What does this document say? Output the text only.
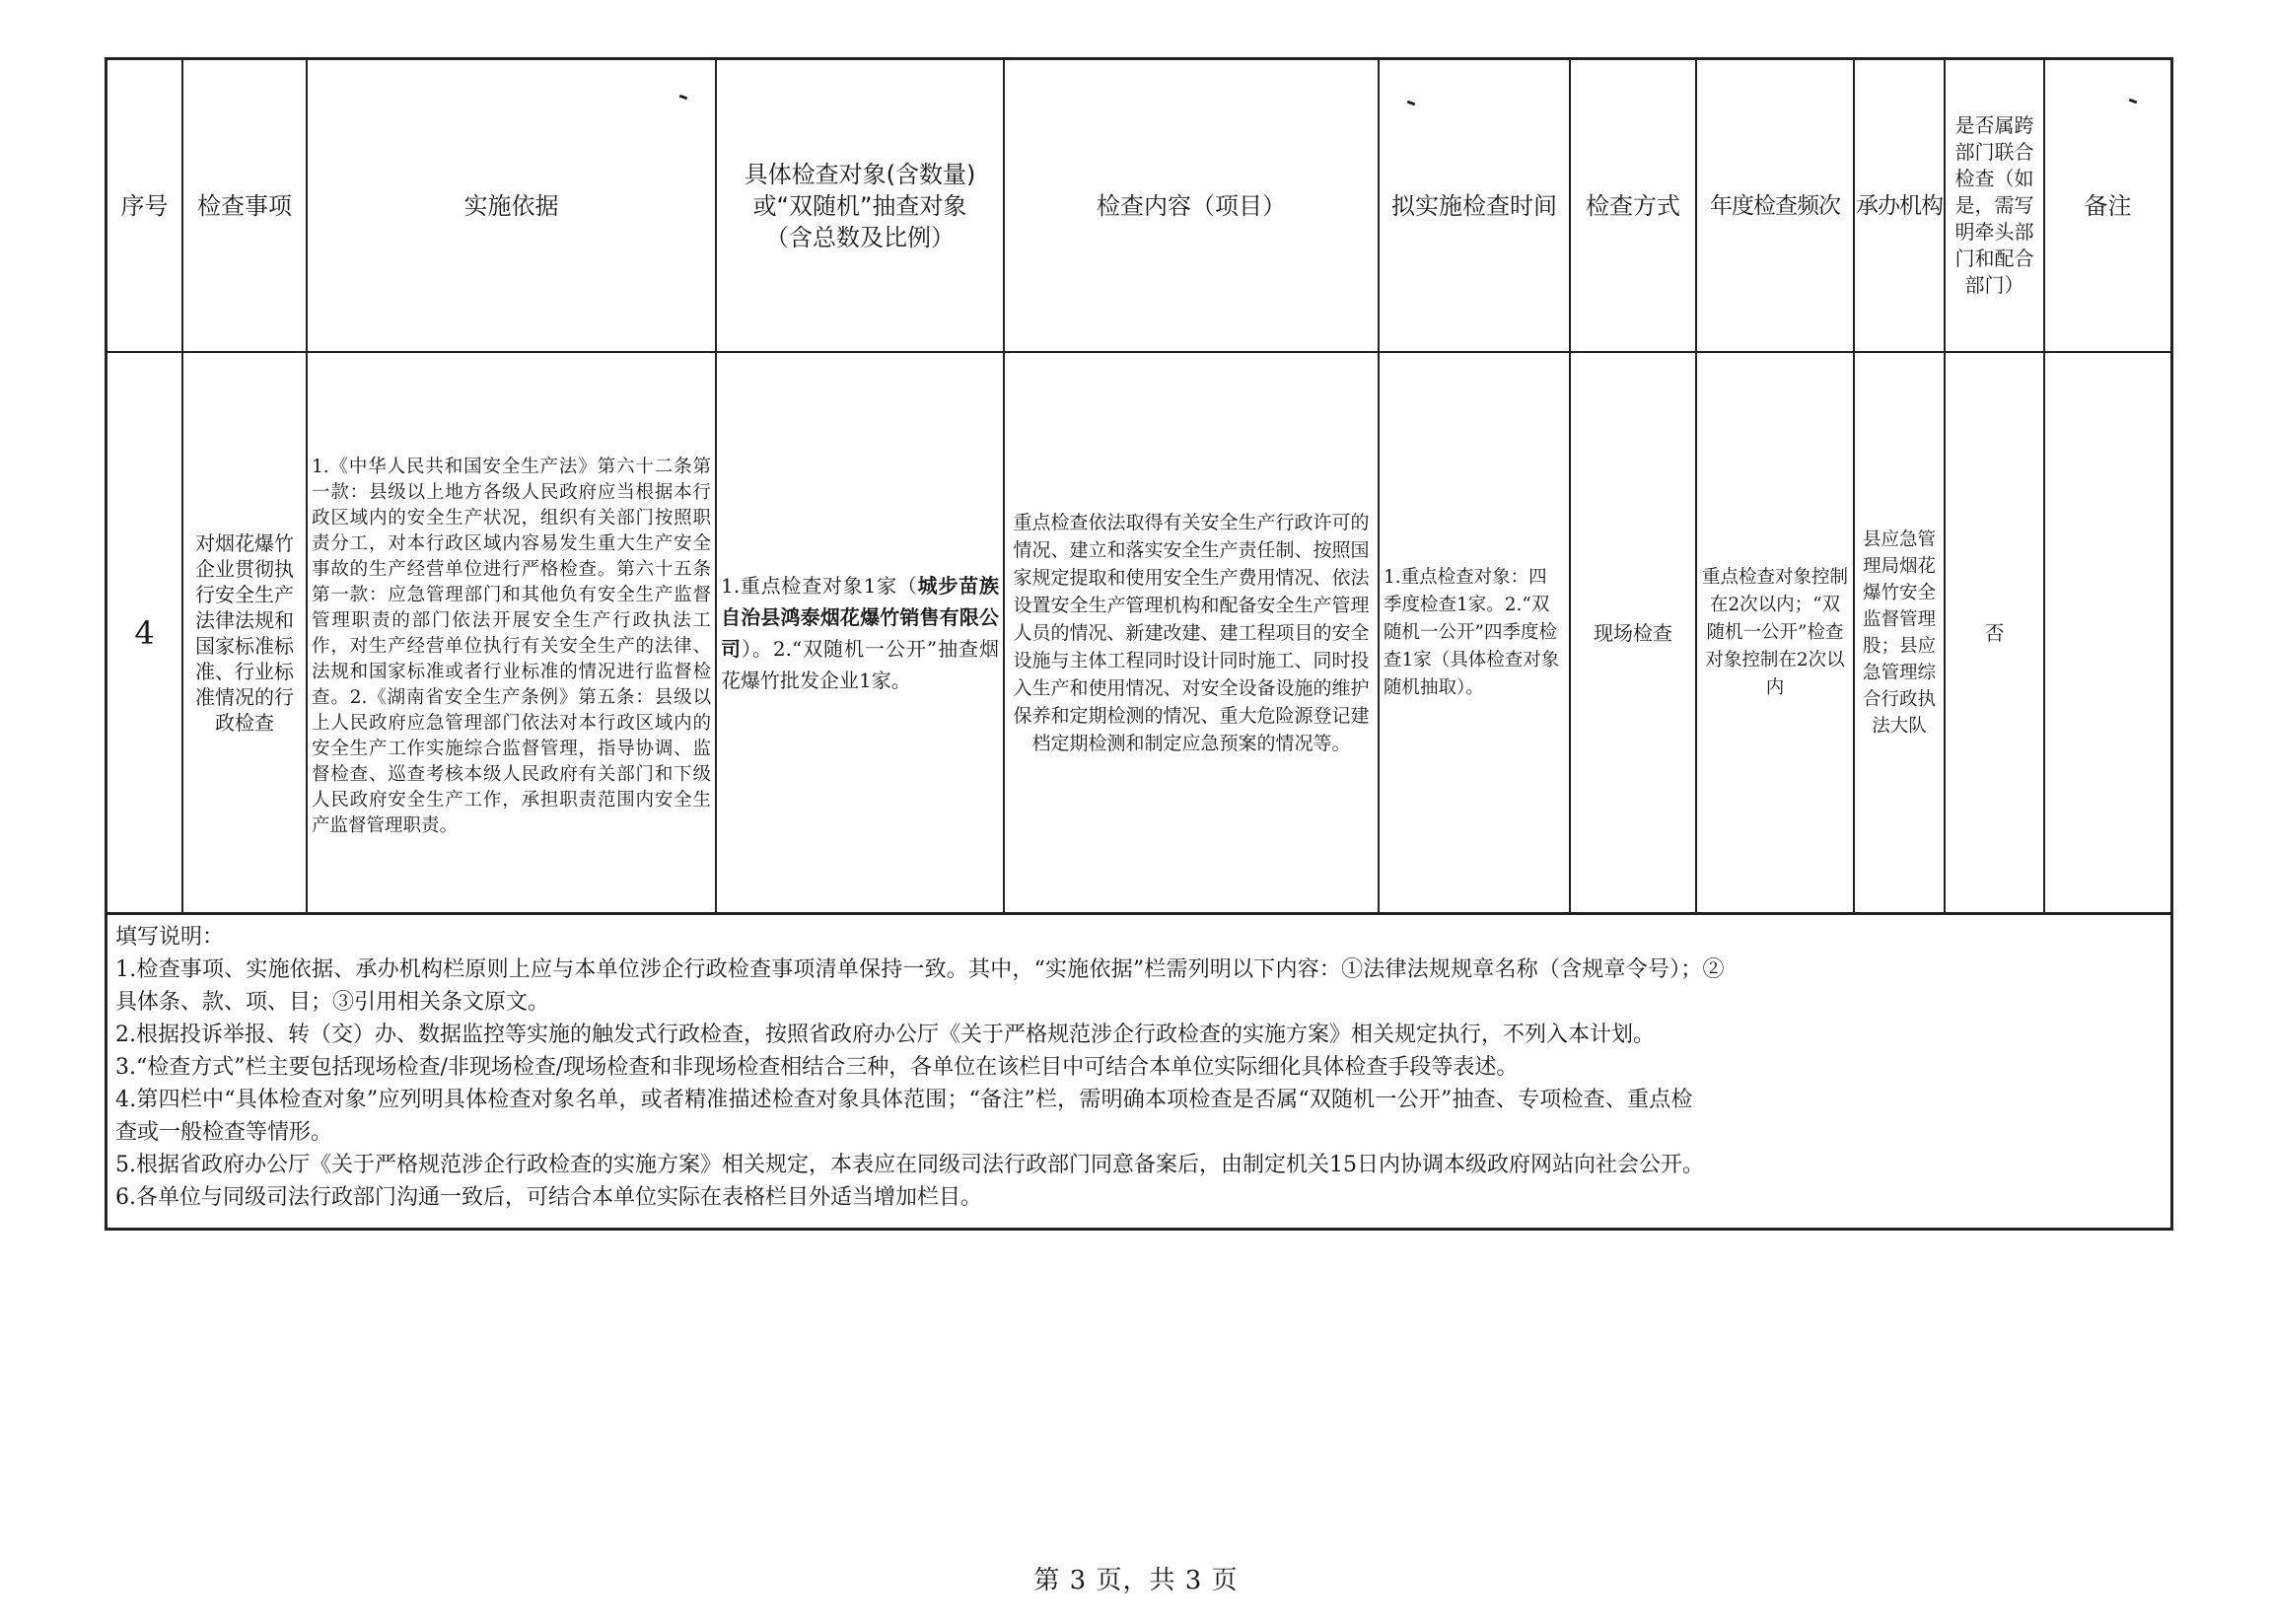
序号	检查事项	实施依据	具体检查对象(含数量)或“双随机”抽查对象（含总数及比例）	检查内容（项目）	拟实施检查时间	检查方式	年度检查频次	承办机构	是否属跨部门联合检查（如是，需写明牵头部门和配合部门）	备注
4	对烟花爆竹企业贯彻执行安全生产法律法规和国家标准标准、行业标准情况的行政检查	1.《中华人民共和国安全生产法》第六十二条第一款：县级以上地方各级人民政府应当根据本行政区域内的安全生产状况，组织有关部门按照职责分工，对本行政区域内容易发生重大生产安全事故的生产经营单位进行严格检查。第六十五条第一款：应急管理部门和其他负有安全生产监督管理职责的部门依法开展安全生产行政执法工作，对生产经营单位执行有关安全生产的法律、法规和国家标准或者行业标准的情况进行监督检查。2.《湖南省安全生产条例》第五条：县级以上人民政府应急管理部门依法对本行政区域内的安全生产工作实施综合监督管理，指导协调、监督检查、巡查考核本级人民政府有关部门和下级人民政府安全生产工作，承担职责范围内安全生产监督管理职责。	1.重点检查对象1家（城步苗族自治县鸿泰烟花爆竹销售有限公司）。2.“双随机一公开”抽查烟花爆竹批发企业1家。	重点检查依法取得有关安全生产行政许可的情况、建立和落实安全生产责任制、按照国家规定提取和使用安全生产费用情况、依法设置安全生产管理机构和配备安全生产管理人员的情况、新建改建、建工程项目的安全设施与主体工程同时设计同时施工、同时投入生产和使用情况、对安全设备设施的维护保养和定期检测的情况、重大危险源登记建档定期检测和制定应急预案的情况等。	1.重点检查对象：四季度检查1家。2.“双随机一公开”四季度检查1家（具体检查对象随机抽取）。	现场检查	重点检查对象控制在2次以内；“双随机一公开”检查对象控制在2次以内	县应急管理局烟花爆竹安全监督管理股；县应急管理综合行政执法大队	否	
填写说明：
1.检查事项、实施依据、承办机构栏原则上应与本单位涉企行政检查事项清单保持一致。其中，“实施依据”栏需列明以下内容：①法律法规规章名称（含规章令号）；②
具体条、款、项、目；③引用相关条文原文。
2.根据投诉举报、转（交）办、数据监控等实施的触发式行政检查，按照省政府办公厅《关于严格规范涉企行政检查的实施方案》相关规定执行，不列入本计划。
3.“检查方式”栏主要包括现场检查/非现场检查/现场检查和非现场检查相结合三种，各单位在该栏目中可结合本单位实际细化具体检查手段等表述。
4.第四栏中“具体检查对象”应列明具体检查对象名单，或者精准描述检查对象具体范围；“备注”栏，需明确本项检查是否属“双随机一公开”抽查、专项检查、重点检
查或一般检查等情形。
5.根据省政府办公厅《关于严格规范涉企行政检查的实施方案》相关规定，本表应在同级司法行政部门同意备案后，由制定机关15日内协调本级政府网站向社会公开。
6.各单位与同级司法行政部门沟通一致后，可结合本单位实际在表格栏目外适当增加栏目。
第 3 页，共 3 页
